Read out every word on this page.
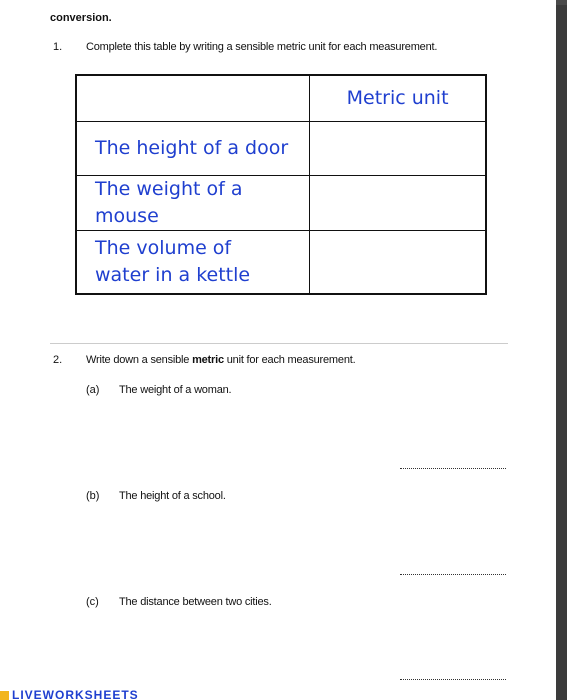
conversion.
1. Complete this table by writing a sensible metric unit for each measurement.
	Metric unit

The height of a door	

The weight of a mouse	

The volume of water in a kettle	

2. Write down a sensible metric unit for each measurement.
(a) The weight of a woman.
(b) The height of a school.
(c) The distance between two cities.
LIVEWORKSHEETS
